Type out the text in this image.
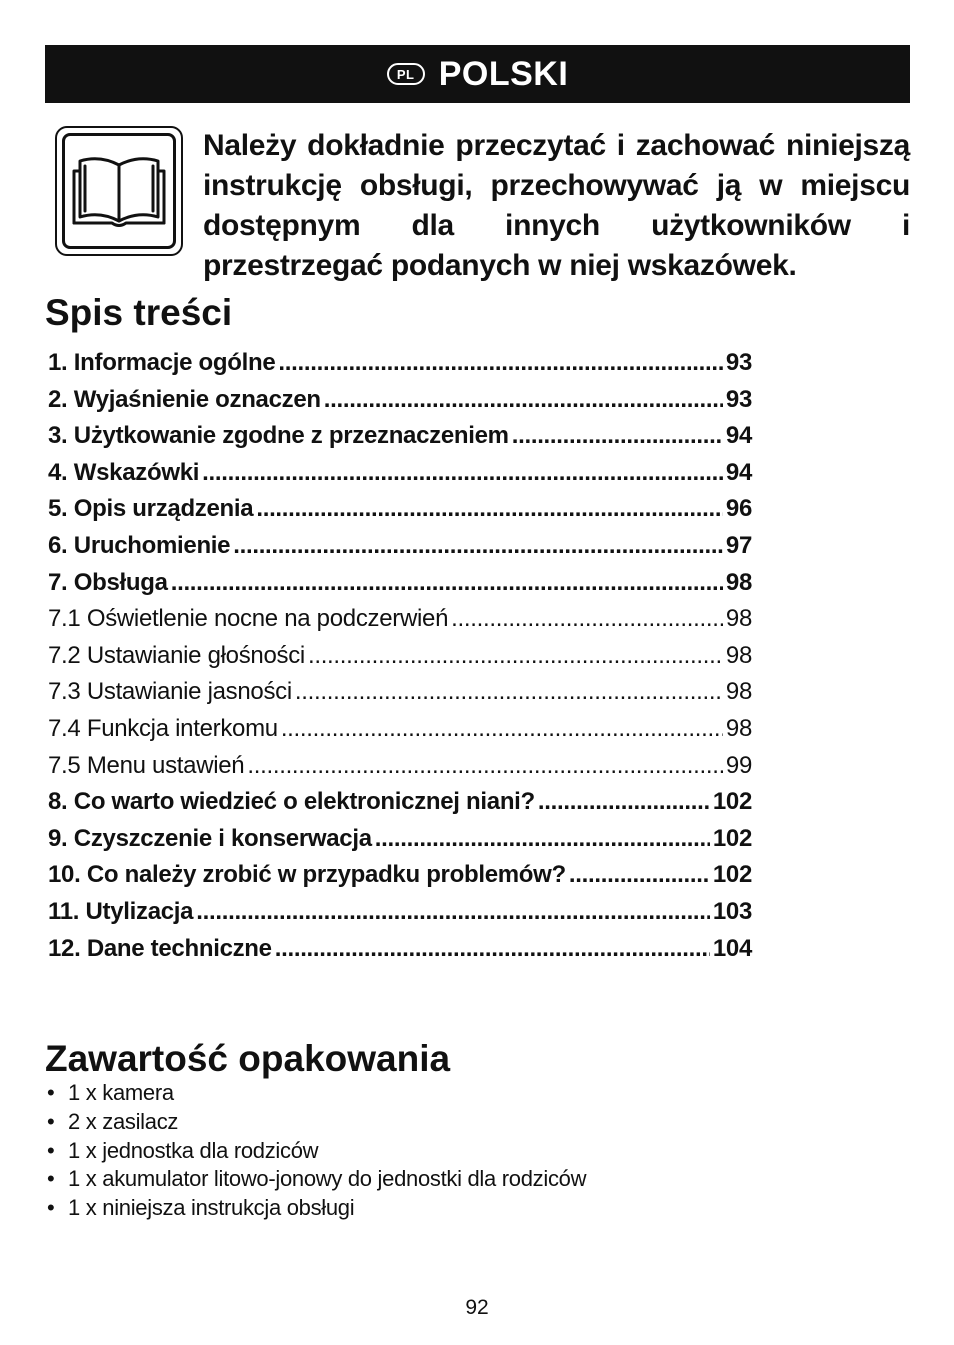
PL POLSKI
Należy dokładnie przeczytać i zachować niniejszą instrukcję obsługi, przechowywać ją w miejscu dostępnym dla innych użytkowników i przestrzegać podanych w niej wskazówek.
Spis treści
1. Informacje ogólne .....	93
2. Wyjaśnienie oznaczen .....	93
3. Użytkowanie zgodne z przeznaczeniem .....	94
4. Wskazówki .....	94
5. Opis urządzenia .....	96
6. Uruchomienie .....	97
7. Obsługa .....	98
7.1 Oświetlenie nocne na podczerwień .....	98
7.2 Ustawianie głośności .....	98
7.3 Ustawianie jasności .....	98
7.4 Funkcja interkomu .....	98
7.5 Menu ustawień .....	99
8. Co warto wiedzieć o elektronicznej niani? .....	102
9. Czyszczenie i konserwacja .....	102
10. Co należy zrobić w przypadku problemów? .....	102
11. Utylizacja .....	103
12. Dane techniczne .....	104
Zawartość opakowania
• 1 x kamera
• 2 x zasilacz
• 1 x jednostka dla rodziców
• 1 x akumulator litowo-jonowy do jednostki dla rodziców
• 1 x niniejsza instrukcja obsługi
92
